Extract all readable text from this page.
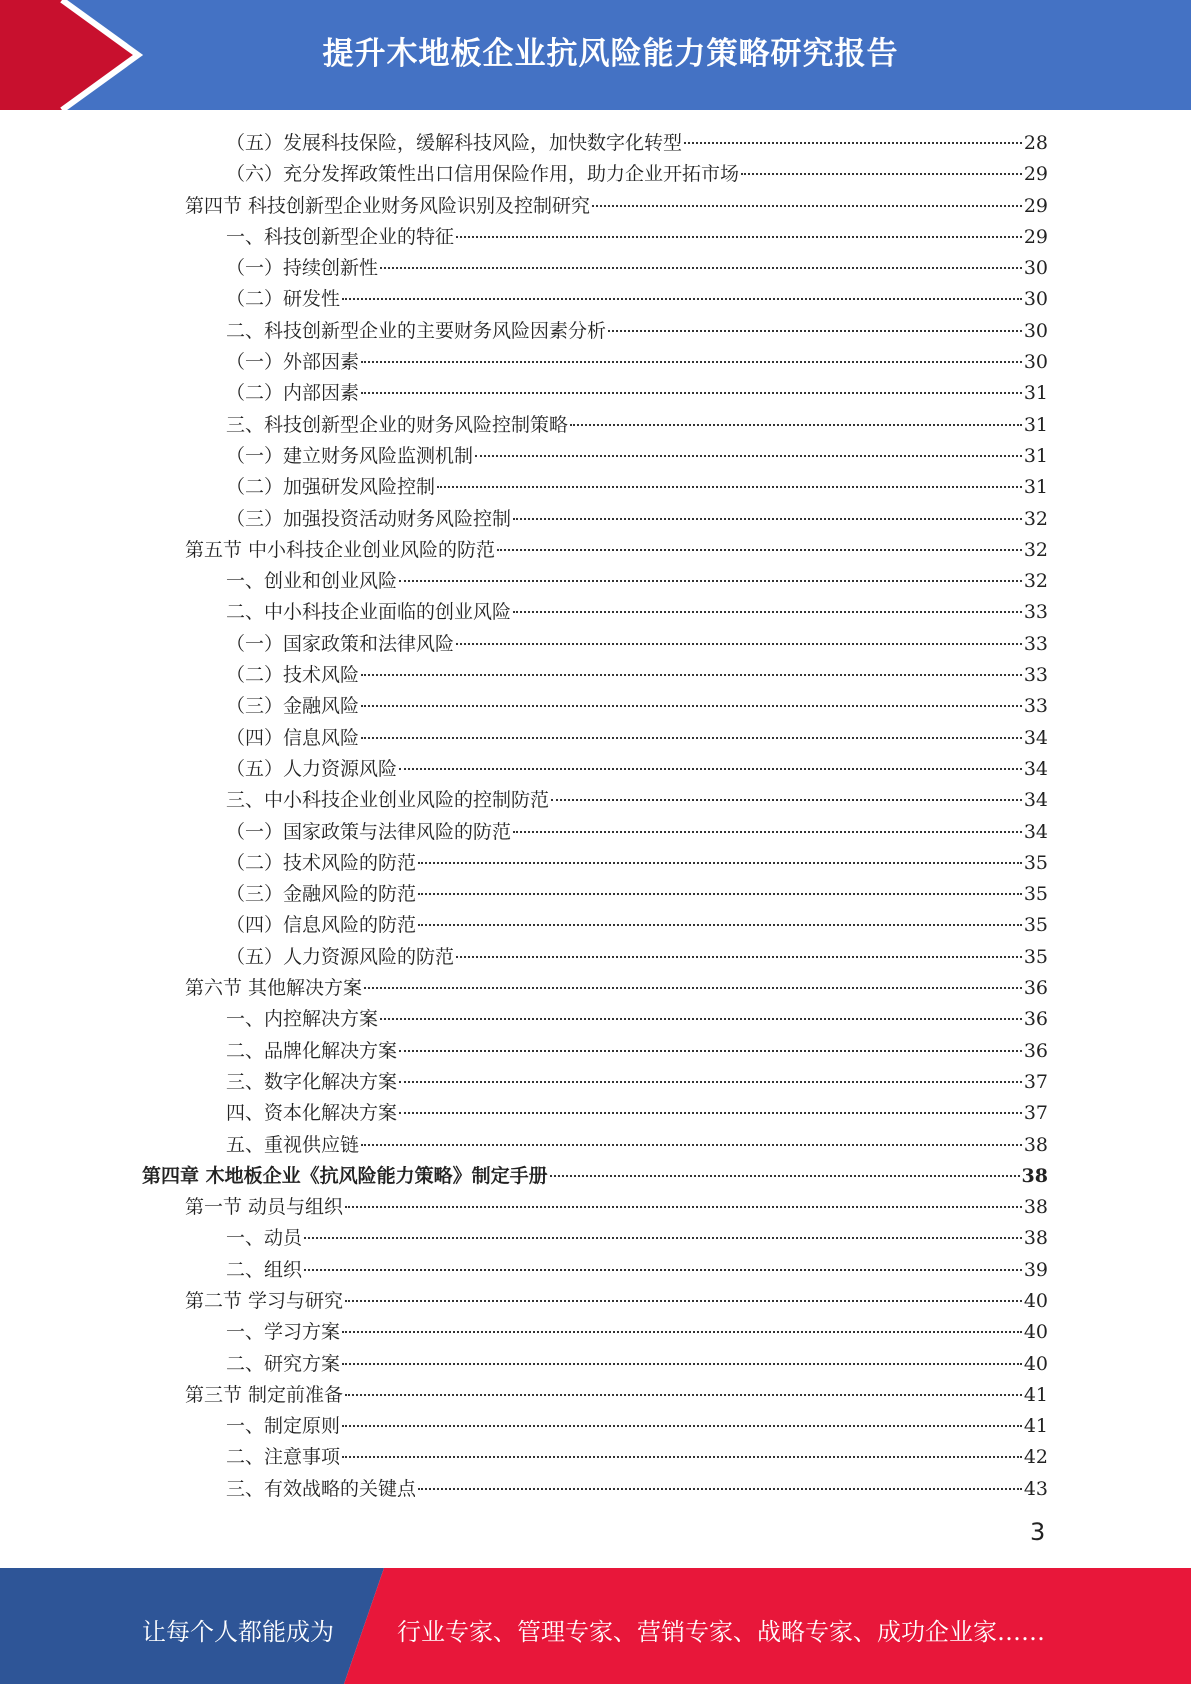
提升木地板企业抗风险能力策略研究报告
（五）发展科技保险，缓解科技风险，加快数字化转型	28
（六）充分发挥政策性出口信用保险作用，助力企业开拓市场	29
第四节 科技创新型企业财务风险识别及控制研究	29
一、科技创新型企业的特征	29
（一）持续创新性	30
（二）研发性	30
二、科技创新型企业的主要财务风险因素分析	30
（一）外部因素	30
（二）内部因素	31
三、科技创新型企业的财务风险控制策略	31
（一）建立财务风险监测机制	31
（二）加强研发风险控制	31
（三）加强投资活动财务风险控制	32
第五节 中小科技企业创业风险的防范	32
一、创业和创业风险	32
二、中小科技企业面临的创业风险	33
（一）国家政策和法律风险	33
（二）技术风险	33
（三）金融风险	33
（四）信息风险	34
（五）人力资源风险	34
三、中小科技企业创业风险的控制防范	34
（一）国家政策与法律风险的防范	34
（二）技术风险的防范	35
（三）金融风险的防范	35
（四）信息风险的防范	35
（五）人力资源风险的防范	35
第六节 其他解决方案	36
一、内控解决方案	36
二、品牌化解决方案	36
三、数字化解决方案	37
四、资本化解决方案	37
五、重视供应链	38
第四章 木地板企业《抗风险能力策略》制定手册	38
第一节 动员与组织	38
一、动员	38
二、组织	39
第二节 学习与研究	40
一、学习方案	40
二、研究方案	40
第三节 制定前准备	41
一、制定原则	41
二、注意事项	42
三、有效战略的关键点	43
3
让每个人都能成为	行业专家、管理专家、营销专家、战略专家、成功企业家……
